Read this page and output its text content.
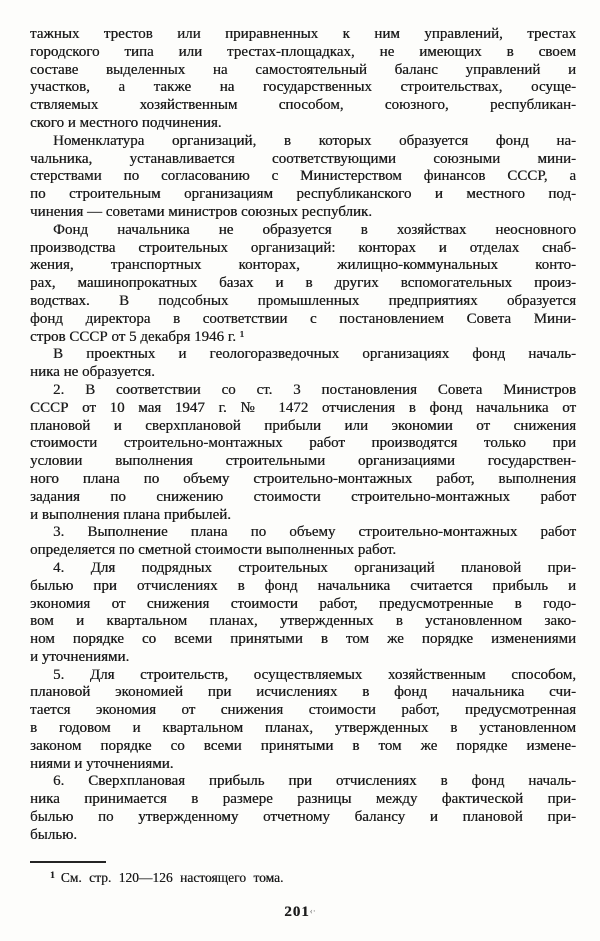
тажных трестов или приравненных к ним управлений, трестах
городского типа или трестах-площадках, не имеющих в своем
составе выделенных на самостоятельный баланс управлений и
участков, а также на государственных строительствах, осуще-
ствляемых хозяйственным способом, союзного, республикан-
ского и местного подчинения.
Номенклатура организаций, в которых образуется фонд на-
чальника, устанавливается соответствующими союзными мини-
стерствами по согласованию с Министерством финансов СССР, а
по строительным организациям республиканского и местного под-
чинения — советами министров союзных республик.
Фонд начальника не образуется в хозяйствах неосновного
производства строительных организаций: конторах и отделах снаб-
жения, транспортных конторах, жилищно-коммунальных конто-
рах, машинопрокатных базах и в других вспомогательных произ-
водствах. В подсобных промышленных предприятиях образуется
фонд директора в соответствии с постановлением Совета Мини-
стров СССР от 5 декабря 1946 г. ¹
В проектных и геологоразведочных организациях фонд началь-
ника не образуется.
2. В соответствии со ст. 3 постановления Совета Министров
СССР от 10 мая 1947 г. № 1472 отчисления в фонд начальника от
плановой и сверхплановой прибыли или экономии от снижения
стоимости строительно-монтажных работ производятся только при
условии выполнения строительными организациями государствен-
ного плана по объему строительно-монтажных работ, выполнения
задания по снижению стоимости строительно-монтажных работ
и выполнения плана прибылей.
3. Выполнение плана по объему строительно-монтажных работ
определяется по сметной стоимости выполненных работ.
4. Для подрядных строительных организаций плановой при-
былью при отчислениях в фонд начальника считается прибыль и
экономия от снижения стоимости работ, предусмотренные в годо-
вом и квартальном планах, утвержденных в установленном зако-
ном порядке со всеми принятыми в том же порядке изменениями
и уточнениями.
5. Для строительств, осуществляемых хозяйственным способом,
плановой экономией при исчислениях в фонд начальника счи-
тается экономия от снижения стоимости работ, предусмотренная
в годовом и квартальном планах, утвержденных в установленном
законом порядке со всеми принятыми в том же порядке измене-
ниями и уточнениями.
6. Сверхплановая прибыль при отчислениях в фонд началь-
ника принимается в размере разницы между фактической при-
былью по утвержденному отчетному балансу и плановой при-
былью.
1 См. стр. 120—126 настоящего тома.
201‹·
